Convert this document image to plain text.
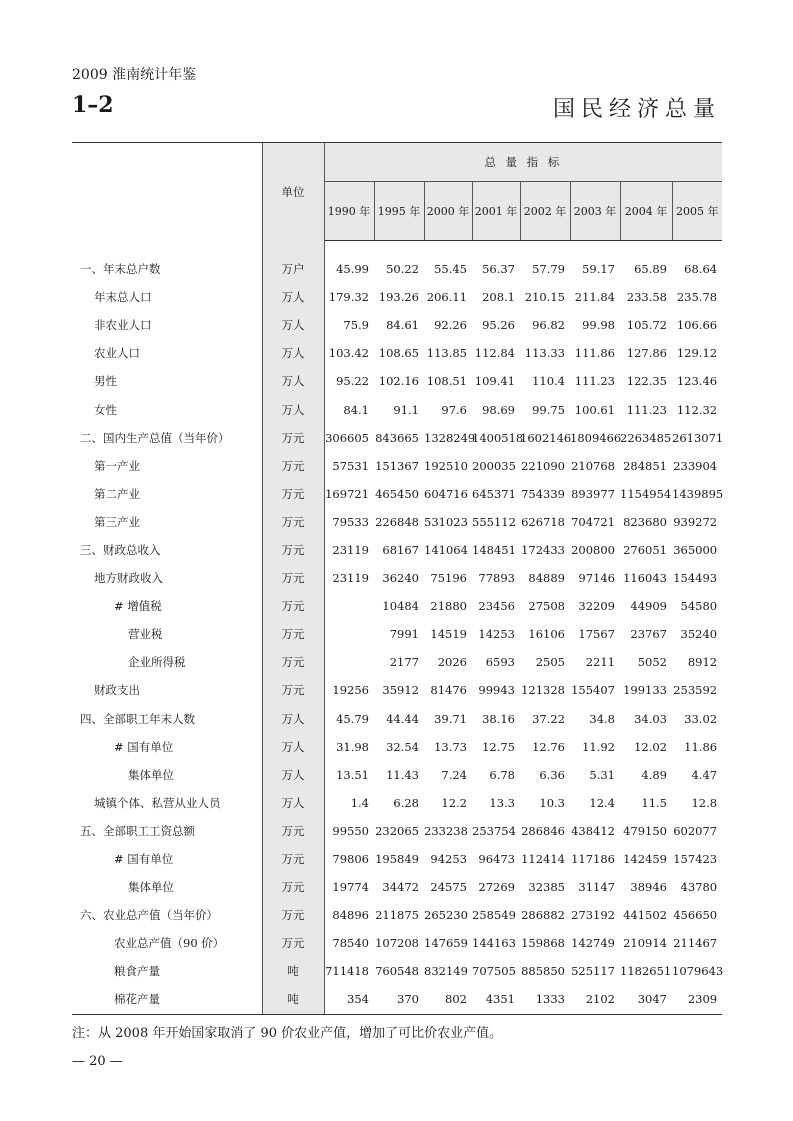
2009 淮南统计年鉴
1–2	国民经济总量
	单位	总 量 指 标							
		1990 年	1995 年	2000 年	2001 年	2002 年	2003 年	2004 年	2005 年

一、年末总户数	万户	45.99	50.22	55.45	56.37	57.79	59.17	65.89	68.64
年末总人口	万人	179.32	193.26	206.11	208.1	210.15	211.84	233.58	235.78
非农业人口	万人	75.9	84.61	92.26	95.26	96.82	99.98	105.72	106.66
农业人口	万人	103.42	108.65	113.85	112.84	113.33	111.86	127.86	129.12
男性	万人	95.22	102.16	108.51	109.41	110.4	111.23	122.35	123.46
女性	万人	84.1	91.1	97.6	98.69	99.75	100.61	111.23	112.32
二、国内生产总值（当年价）	万元	306605	843665	1328249	1400518	1602146	1809466	2263485	2613071
第一产业	万元	57531	151367	192510	200035	221090	210768	284851	233904
第二产业	万元	169721	465450	604716	645371	754339	893977	1154954	1439895
第三产业	万元	79533	226848	531023	555112	626718	704721	823680	939272
三、财政总收入	万元	23119	68167	141064	148451	172433	200800	276051	365000
地方财政收入	万元	23119	36240	75196	77893	84889	97146	116043	154493
# 增值税	万元		10484	21880	23456	27508	32209	44909	54580
营业税	万元		7991	14519	14253	16106	17567	23767	35240
企业所得税	万元		2177	2026	6593	2505	2211	5052	8912
财政支出	万元	19256	35912	81476	99943	121328	155407	199133	253592
四、全部职工年末人数	万人	45.79	44.44	39.71	38.16	37.22	34.8	34.03	33.02
# 国有单位	万人	31.98	32.54	13.73	12.75	12.76	11.92	12.02	11.86
集体单位	万人	13.51	11.43	7.24	6.78	6.36	5.31	4.89	4.47
城镇个体、私营从业人员	万人	1.4	6.28	12.2	13.3	10.3	12.4	11.5	12.8
五、全部职工工资总额	万元	99550	232065	233238	253754	286846	438412	479150	602077
# 国有单位	万元	79806	195849	94253	96473	112414	117186	142459	157423
集体单位	万元	19774	34472	24575	27269	32385	31147	38946	43780
六、农业总产值（当年价）	万元	84896	211875	265230	258549	286882	273192	441502	456650
农业总产值（90 价）	万元	78540	107208	147659	144163	159868	142749	210914	211467
粮食产量	吨	711418	760548	832149	707505	885850	525117	1182651	1079643
棉花产量	吨	354	370	802	4351	1333	2102	3047	2309
注：从 2008 年开始国家取消了 90 价农业产值，增加了可比价农业产值。
— 20 —
